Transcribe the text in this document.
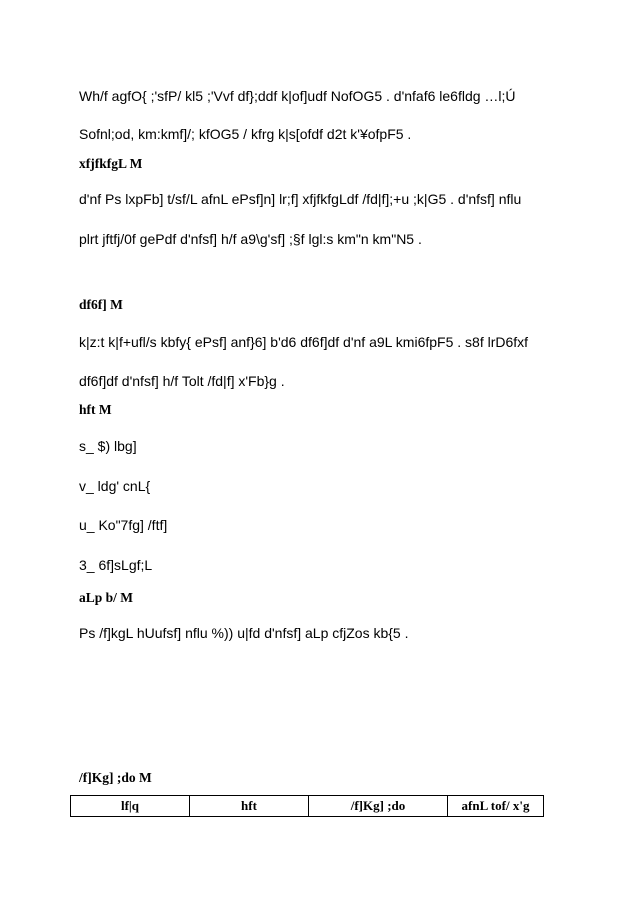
Wh/f agfO{ ;'sfP/ kl5 ;'Vvf df};ddf k|of]udf NofOG5 . d'nfaf6 le6fldg …l;Ú
Sofnl;od, km:kmf]/; kfOG5 / kfrg k|s[ofdf d2t k'¥ofpF5 .
xfjfkfgL M
d'nf Ps lxpFb] t/sf/L afnL ePsf]n] lr;f] xfjfkfgLdf /fd|f];+u ;k|G5 . d'nfsf] nflu
plrt jftfj/0f gePdf d'nfsf] h/f a9\g'sf] ;§f lgl:s km"n km"N5 .
df6f] M
k|z:t k|f+ufl/s kbfy{ ePsf] anf}6] b'd6 df6f]df d'nf a9L kmi6fpF5 . s8f lrD6fxf
df6f]df d'nfsf] h/f Tolt /fd|f] x'Fb}g .
hft M
s_ $) lbg]
v_ ldg' cnL{
u_ Ko"7fg] /ftf]
3_ 6f]sLgf;L
aLp b/ M
Ps /f]kgL hUufsf] nflu %)) u|fd d'nfsf] aLp cfjZos kb{5 .
/f]Kg] ;do M
lf|q	hft	/f]Kg] ;do	afnL tof/ x'g
